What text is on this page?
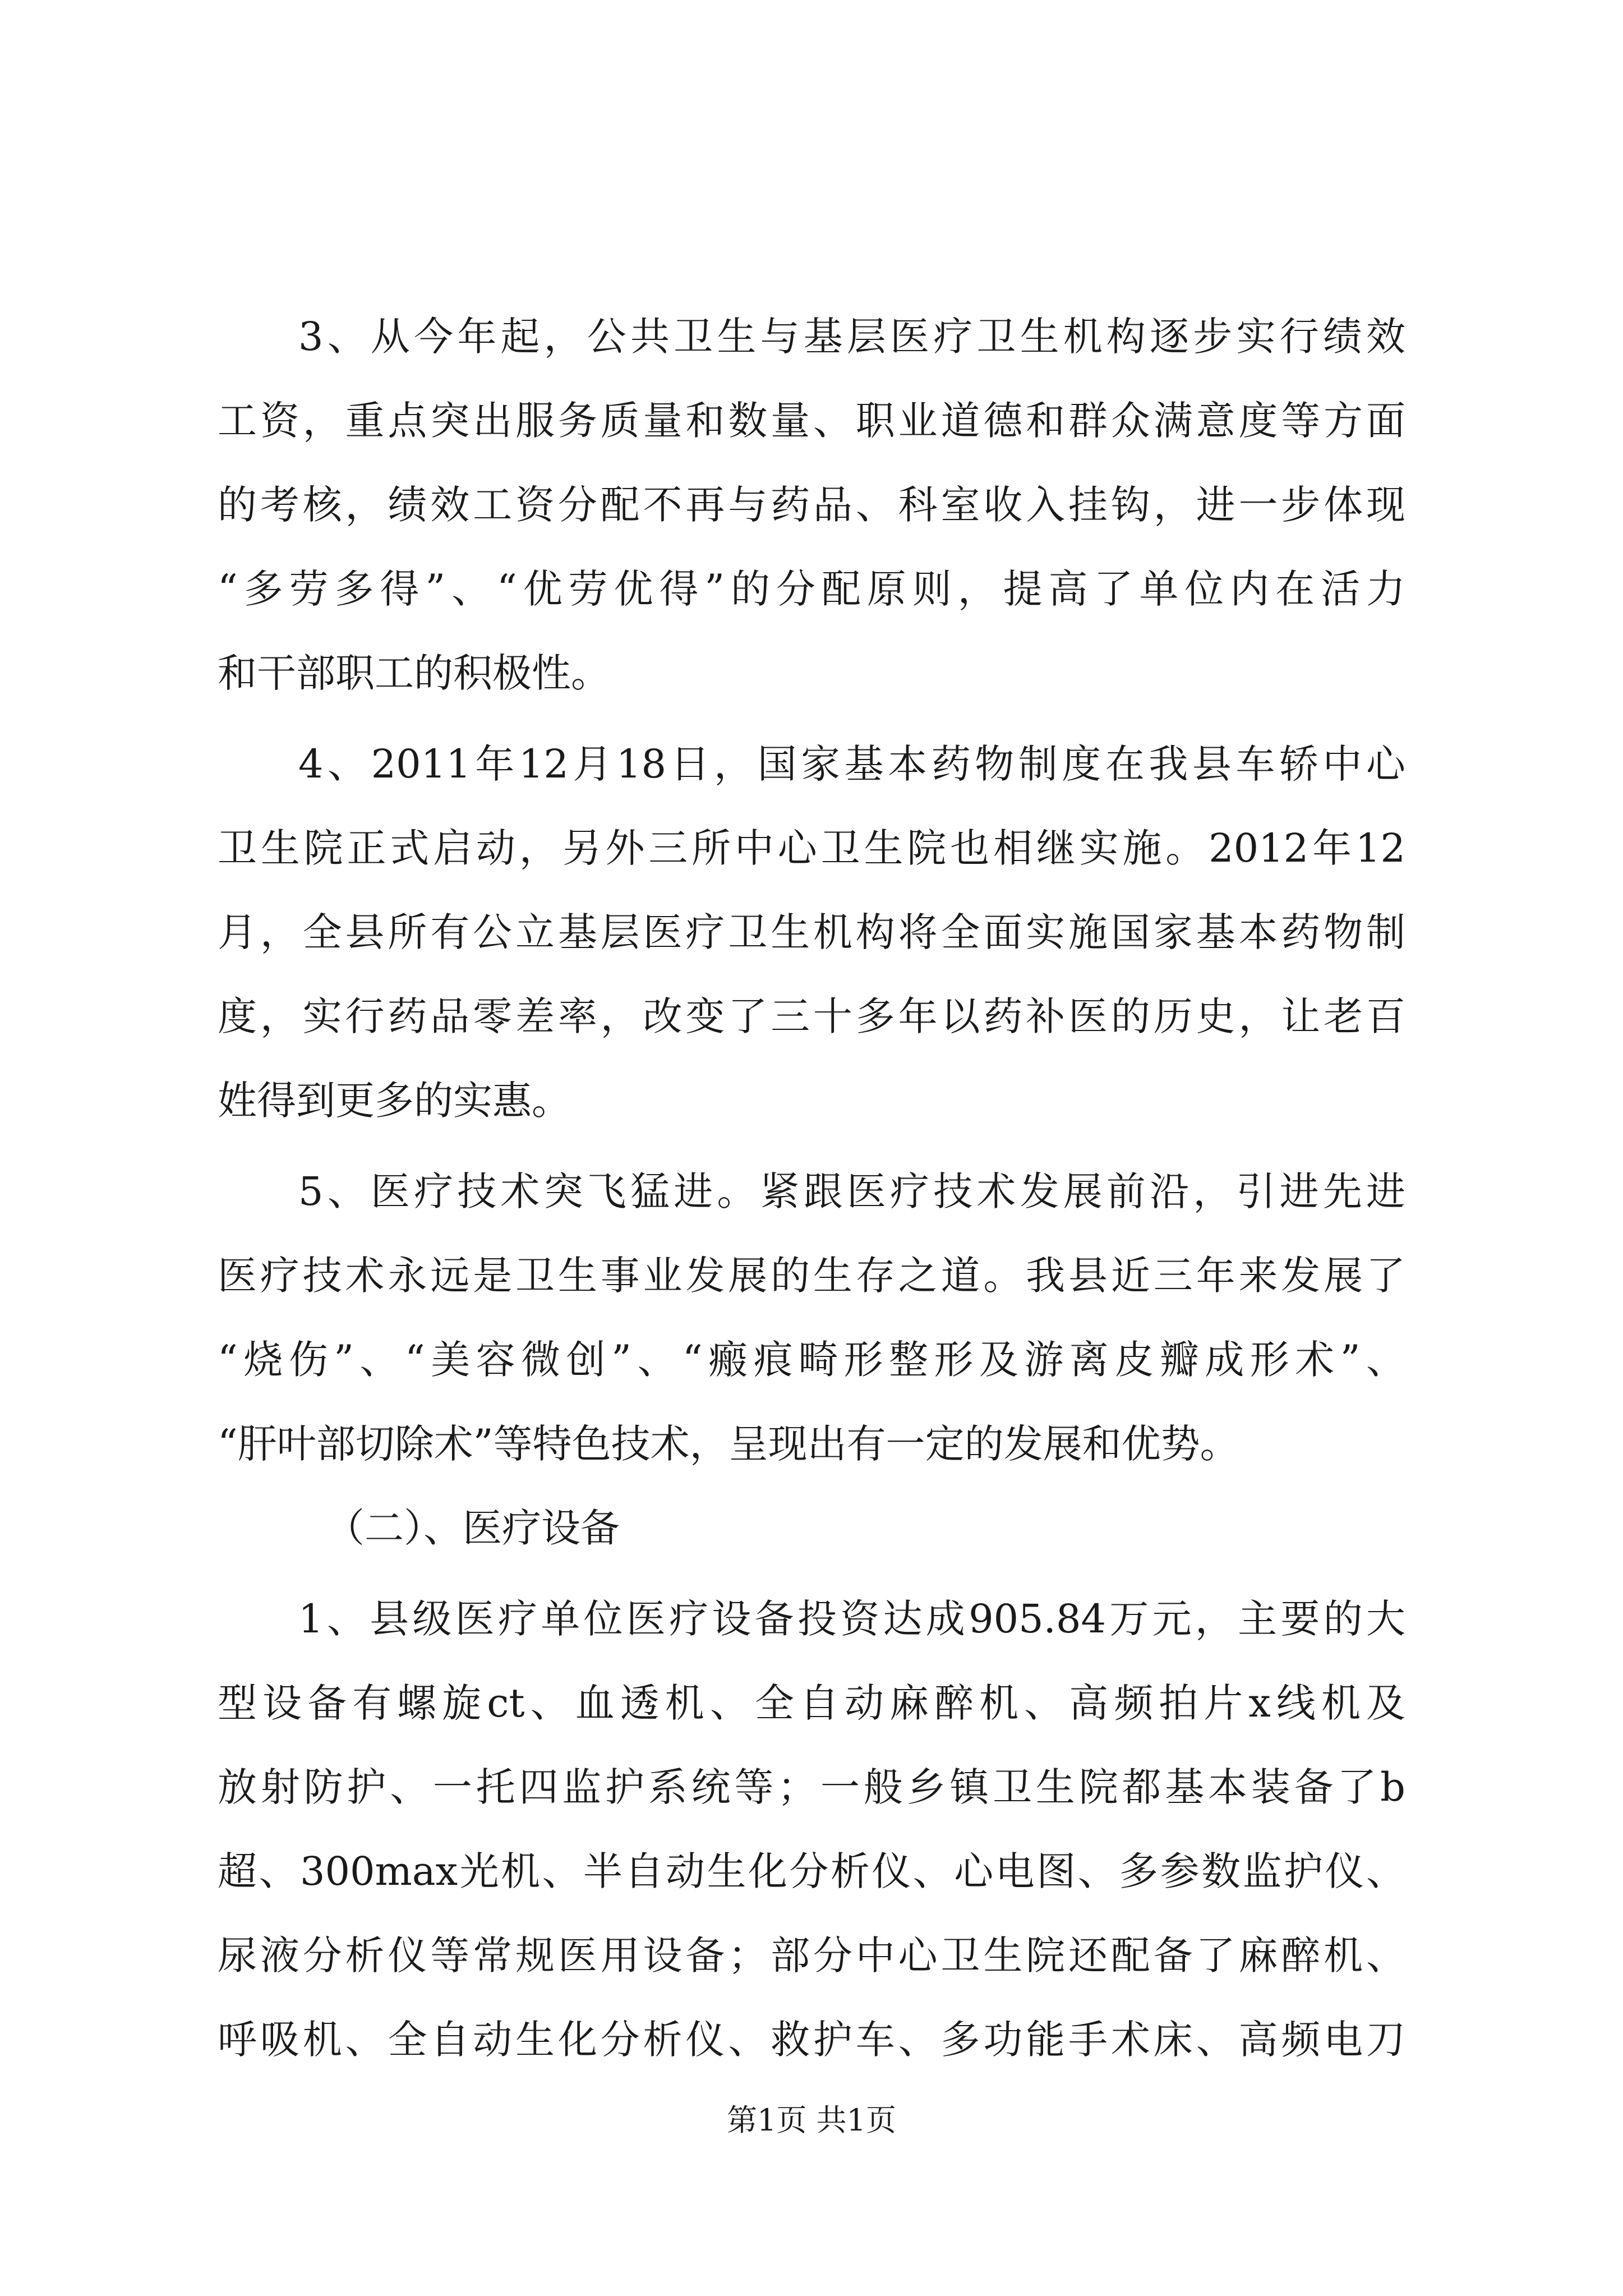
3、从今年起，公共卫生与基层医疗卫生机构逐步实行绩效
工资，重点突出服务质量和数量、职业道德和群众满意度等方面
的考核，绩效工资分配不再与药品、科室收入挂钩，进一步体现
“多劳多得”、“优劳优得”的分配原则，提高了单位内在活力
和干部职工的积极性。
4、2011年12月18日，国家基本药物制度在我县车轿中心
卫生院正式启动，另外三所中心卫生院也相继实施。2012年12
月，全县所有公立基层医疗卫生机构将全面实施国家基本药物制
度，实行药品零差率，改变了三十多年以药补医的历史，让老百
姓得到更多的实惠。
5、医疗技术突飞猛进。紧跟医疗技术发展前沿，引进先进
医疗技术永远是卫生事业发展的生存之道。我县近三年来发展了
“烧伤”、“美容微创”、“瘢痕畸形整形及游离皮瓣成形术”、
“肝叶部切除术”等特色技术，呈现出有一定的发展和优势。
（二）、医疗设备
1、县级医疗单位医疗设备投资达成905.84万元，主要的大
型设备有螺旋ct、血透机、全自动麻醉机、高频拍片x线机及
放射防护、一托四监护系统等；一般乡镇卫生院都基本装备了b
超、300max光机、半自动生化分析仪、心电图、多参数监护仪、
尿液分析仪等常规医用设备；部分中心卫生院还配备了麻醉机、
呼吸机、全自动生化分析仪、救护车、多功能手术床、高频电刀
第1页 共1页
